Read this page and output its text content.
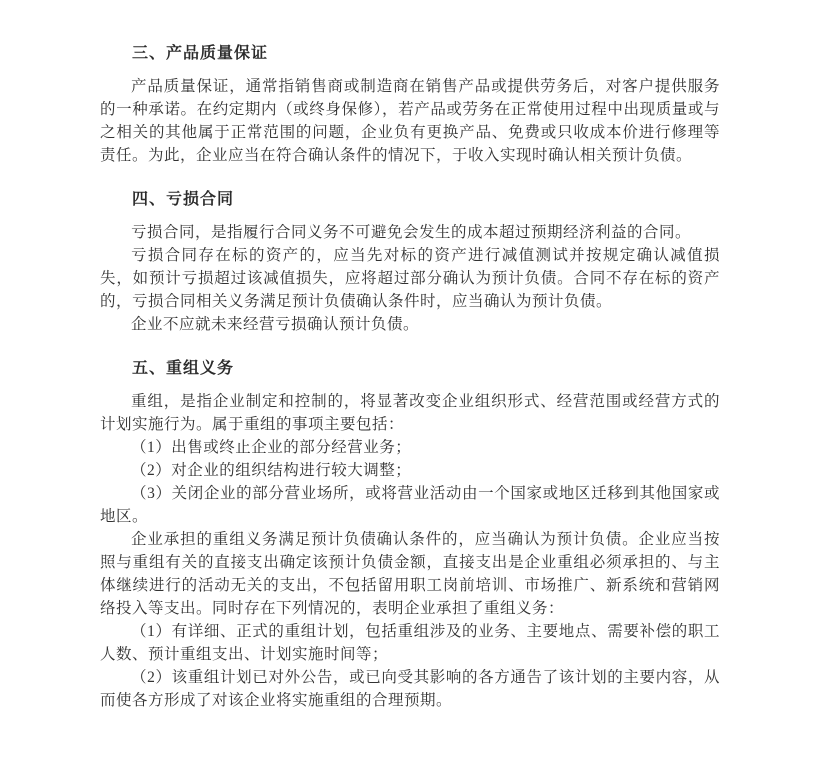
三、产品质量保证

产品质量保证，通常指销售商或制造商在销售产品或提供劳务后，对客户提供服务的一种承诺。在约定期内（或终身保修），若产品或劳务在正常使用过程中出现质量或与之相关的其他属于正常范围的问题，企业负有更换产品、免费或只收成本价进行修理等责任。为此，企业应当在符合确认条件的情况下，于收入实现时确认相关预计负债。

四、亏损合同

亏损合同，是指履行合同义务不可避免会发生的成本超过预期经济利益的合同。

亏损合同存在标的资产的，应当先对标的资产进行减值测试并按规定确认减值损失，如预计亏损超过该减值损失，应将超过部分确认为预计负债。合同不存在标的资产的，亏损合同相关义务满足预计负债确认条件时，应当确认为预计负债。

企业不应就未来经营亏损确认预计负债。

五、重组义务

重组，是指企业制定和控制的，将显著改变企业组织形式、经营范围或经营方式的计划实施行为。属于重组的事项主要包括：

（1）出售或终止企业的部分经营业务；

（2）对企业的组织结构进行较大调整；

（3）关闭企业的部分营业场所，或将营业活动由一个国家或地区迁移到其他国家或地区。

企业承担的重组义务满足预计负债确认条件的，应当确认为预计负债。企业应当按照与重组有关的直接支出确定该预计负债金额，直接支出是企业重组必须承担的、与主体继续进行的活动无关的支出，不包括留用职工岗前培训、市场推广、新系统和营销网络投入等支出。同时存在下列情况的，表明企业承担了重组义务：

（1）有详细、正式的重组计划，包括重组涉及的业务、主要地点、需要补偿的职工人数、预计重组支出、计划实施时间等；

（2）该重组计划已对外公告，或已向受其影响的各方通告了该计划的主要内容，从而使各方形成了对该企业将实施重组的合理预期。
